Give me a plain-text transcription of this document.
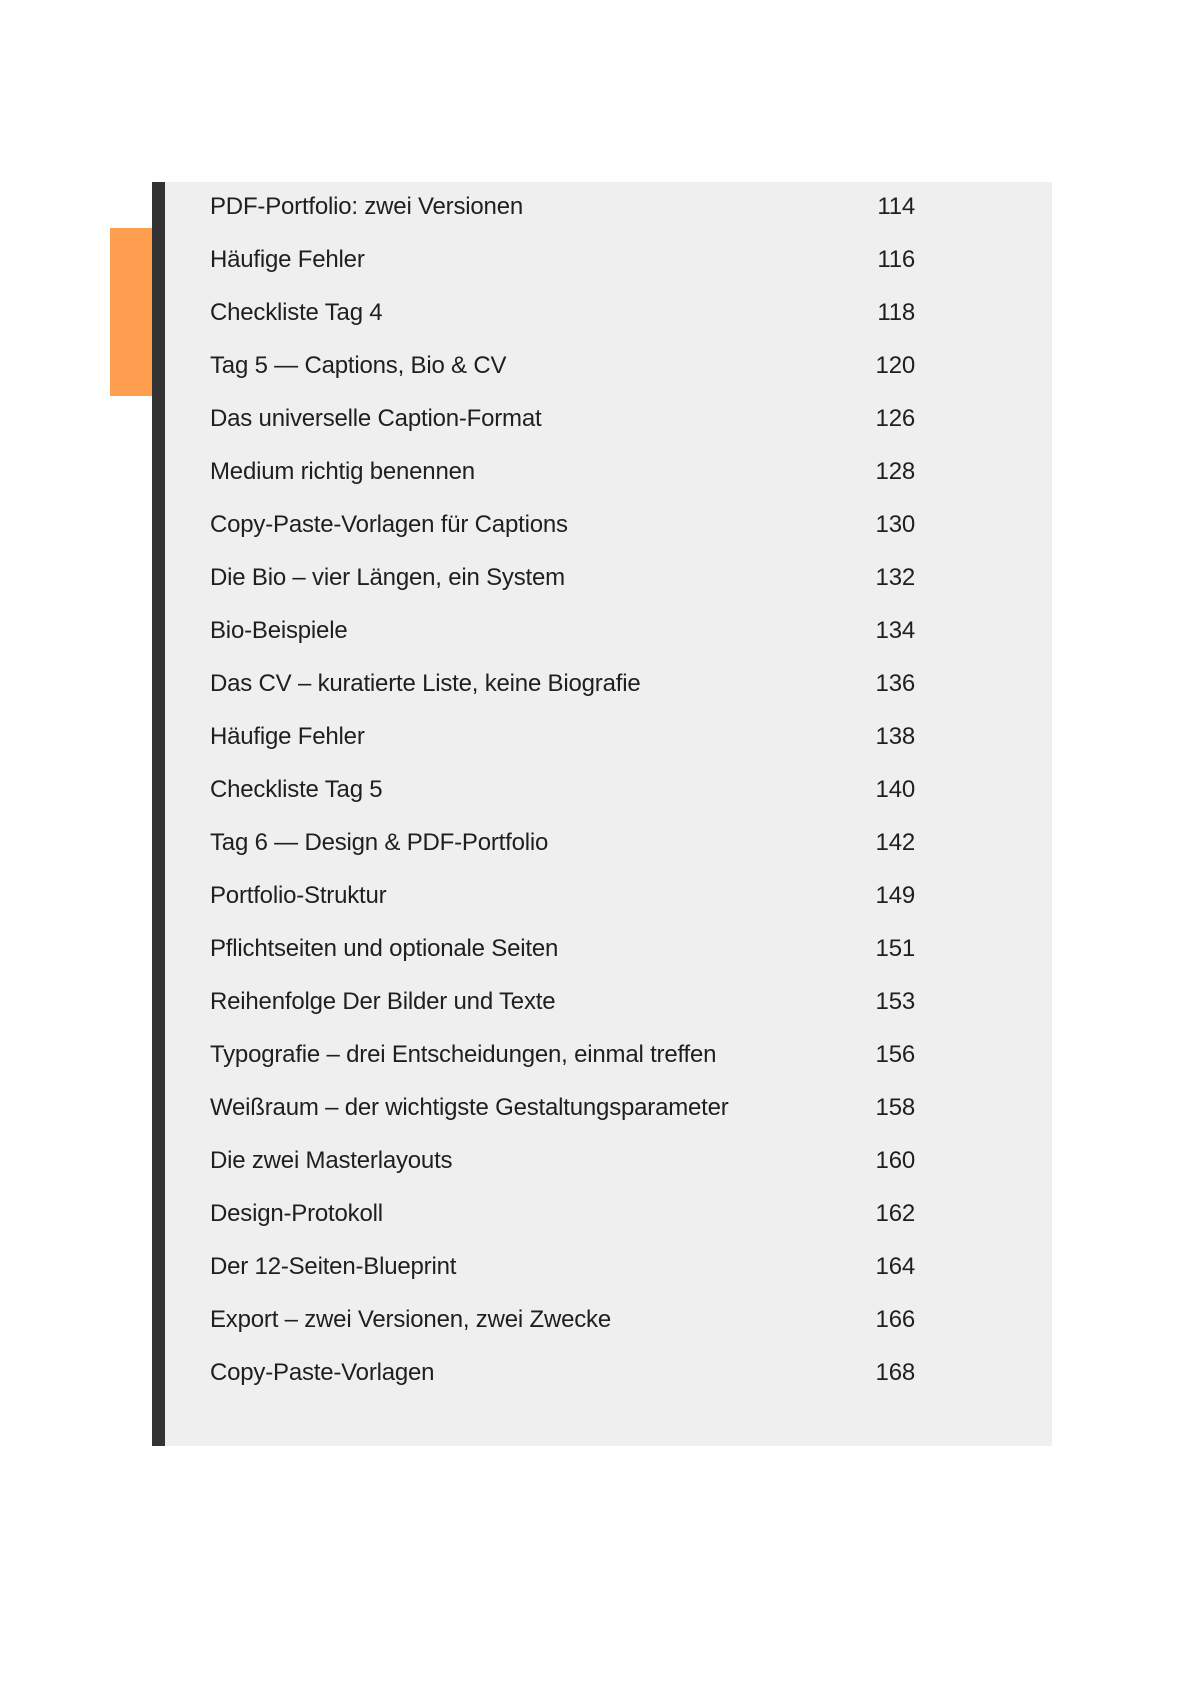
PDF-Portfolio: zwei Versionen	114
Häufige Fehler	116
Checkliste Tag 4	118
Tag 5 — Captions, Bio & CV	120
Das universelle Caption-Format	126
Medium richtig benennen	128
Copy-Paste-Vorlagen für Captions	130
Die Bio – vier Längen, ein System	132
Bio-Beispiele	134
Das CV – kuratierte Liste, keine Biografie	136
Häufige Fehler	138
Checkliste Tag 5	140
Tag 6 — Design & PDF-Portfolio	142
Portfolio-Struktur	149
Pflichtseiten und optionale Seiten	151
Reihenfolge Der Bilder und Texte	153
Typografie – drei Entscheidungen, einmal treffen	156
Weißraum – der wichtigste Gestaltungsparameter	158
Die zwei Masterlayouts	160
Design-Protokoll	162
Der 12-Seiten-Blueprint	164
Export – zwei Versionen, zwei Zwecke	166
Copy-Paste-Vorlagen	168
